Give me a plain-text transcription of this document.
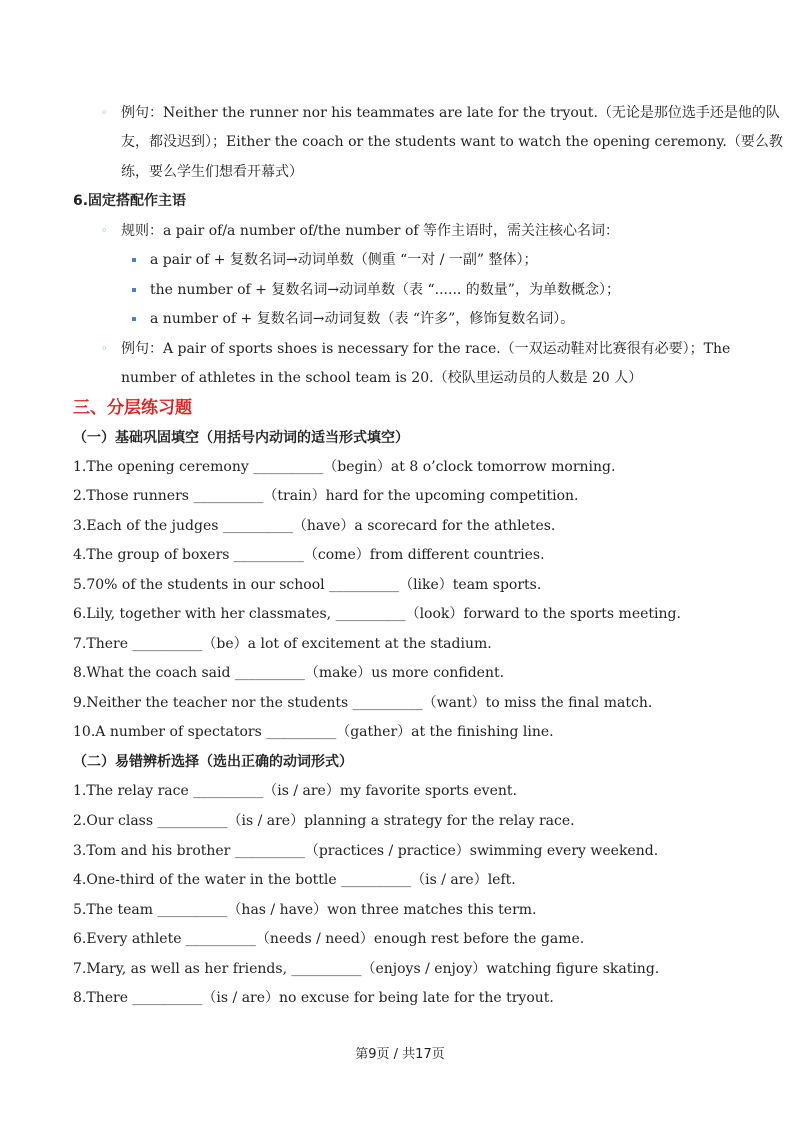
◦ 例句：Neither the runner nor his teammates are late for the tryout.（无论是那位选手还是他的队
友，都没迟到）；Either the coach or the students want to watch the opening ceremony.（要么教
练，要么学生们想看开幕式）
6.固定搭配作主语
◦ 规则：a pair of/a number of/the number of 等作主语时，需关注核心名词：
a pair of + 复数名词→动词单数（侧重 “一对 / 一副” 整体）；
the number of + 复数名词→动词单数（表 “...... 的数量”，为单数概念）；
a number of + 复数名词→动词复数（表 “许多”，修饰复数名词）。
◦ 例句：A pair of sports shoes is necessary for the race.（一双运动鞋对比赛很有必要）；The
number of athletes in the school team is 20.（校队里运动员的人数是 20 人）
三、分层练习题
（一）基础巩固填空（用括号内动词的适当形式填空）
1.The opening ceremony __________（begin）at 8 o’clock tomorrow morning.
2.Those runners __________（train）hard for the upcoming competition.
3.Each of the judges __________（have）a scorecard for the athletes.
4.The group of boxers __________（come）from different countries.
5.70% of the students in our school __________（like）team sports.
6.Lily, together with her classmates, __________（look）forward to the sports meeting.
7.There __________（be）a lot of excitement at the stadium.
8.What the coach said __________（make）us more confident.
9.Neither the teacher nor the students __________（want）to miss the final match.
10.A number of spectators __________（gather）at the finishing line.
（二）易错辨析选择（选出正确的动词形式）
1.The relay race __________（is / are）my favorite sports event.
2.Our class __________（is / are）planning a strategy for the relay race.
3.Tom and his brother __________（practices / practice）swimming every weekend.
4.One-third of the water in the bottle __________（is / are）left.
5.The team __________（has / have）won three matches this term.
6.Every athlete __________（needs / need）enough rest before the game.
7.Mary, as well as her friends, __________（enjoys / enjoy）watching figure skating.
8.There __________（is / are）no excuse for being late for the tryout.
第9页 / 共17页
